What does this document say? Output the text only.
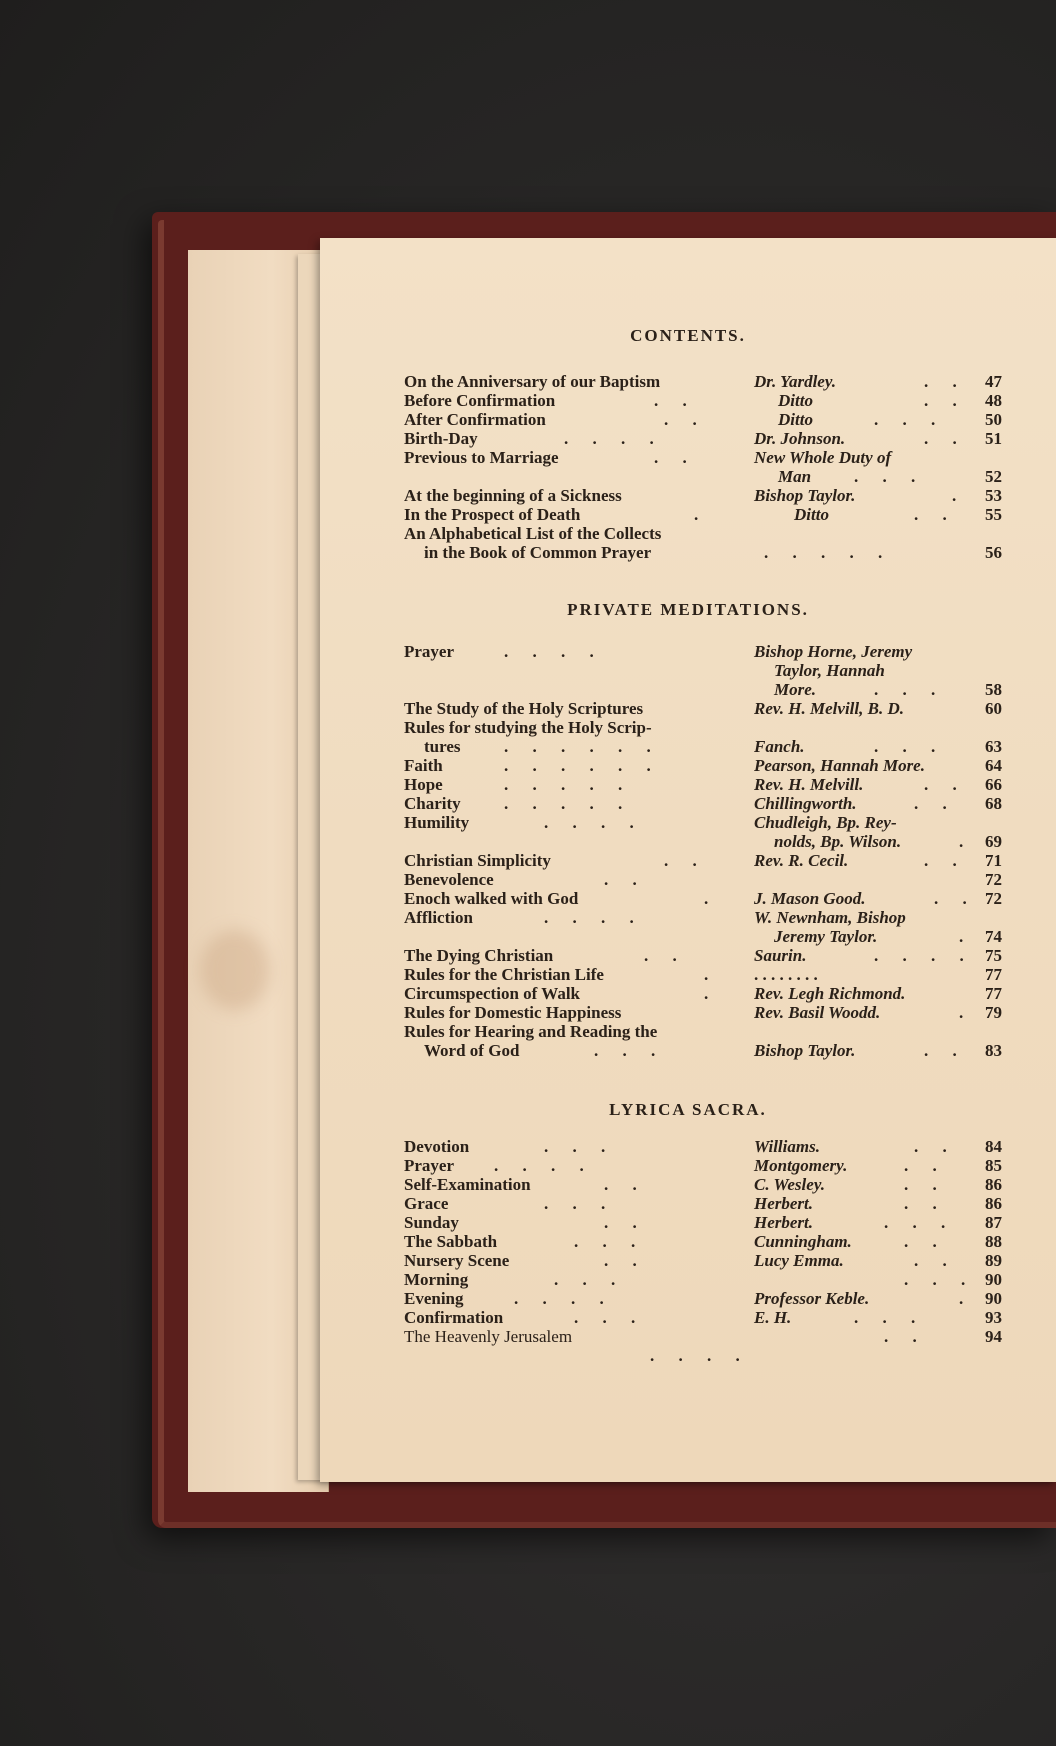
CONTENTS.
On the Anniversary of our Baptism	Dr. Yardley.	. . 47
Before Confirmation	. .	Ditto	. . 48
After Confirmation	. .	Ditto	. . . 50
Birth-Day	. . . .	Dr. Johnson.	. . 51
Previous to Marriage	. .	New Whole Duty of
Man	. . .	52
At the beginning of a Sickness	Bishop Taylor.	. 53
In the Prospect of Death	.	Ditto	. . 55
An Alphabetical List of the Collects
in the Book of Common Prayer	. . . . .	56
PRIVATE MEDITATIONS.
Prayer	. . . .	Bishop Horne, Jeremy
Taylor, Hannah
More.	. . . 58
The Study of the Holy Scriptures	Rev. H. Melvill, B. D.	60
Rules for studying the Holy Scrip-
tures	. . . . . .	Fanch.	. . . 63
Faith	. . . . . .	Pearson, Hannah More.	64
Hope	. . . . .	Rev. H. Melvill.	. . 66
Charity	. . . . .	Chillingworth.	. . 68
Humility	. . . .	Chudleigh, Bp. Rey-
nolds, Bp. Wilson.	. 69
Christian Simplicity	. .	Rev. R. Cecil.	. . 71
Benevolence	. .	72
Enoch walked with God	. J. Mason Good.	. . 72
Affliction	. . . .	W. Newnham, Bishop
Jeremy Taylor.	. 74
The Dying Christian	. .	Saurin.	. . . . 75
Rules for the Christian Life	. . . . . . . . .	77
Circumspection of Walk	. Rev. Legh Richmond.	77
Rules for Domestic Happiness	Rev. Basil Woodd.	. 79
Rules for Hearing and Reading the
Word of God	. . .	Bishop Taylor.	. . 83
LYRICA SACRA.
Devotion	. . .	Williams.	. . 84
Prayer . . . .	Montgomery.	. . 85
Self-Examination	. .	C. Wesley.	. . 86
Grace	. . .	Herbert.	. . 86
Sunday	. .	Herbert.	. . . 87
The Sabbath	. . .	Cunningham.	. . 88
Nursery Scene	. .	Lucy Emma.	. . 89
Morning	. . .	. . . 90
Evening	. . . .	Professor Keble.	. 90
Confirmation	. . .	E. H.	. . .	93
The Heavenly Jerusalem	. .	94
. . . .
